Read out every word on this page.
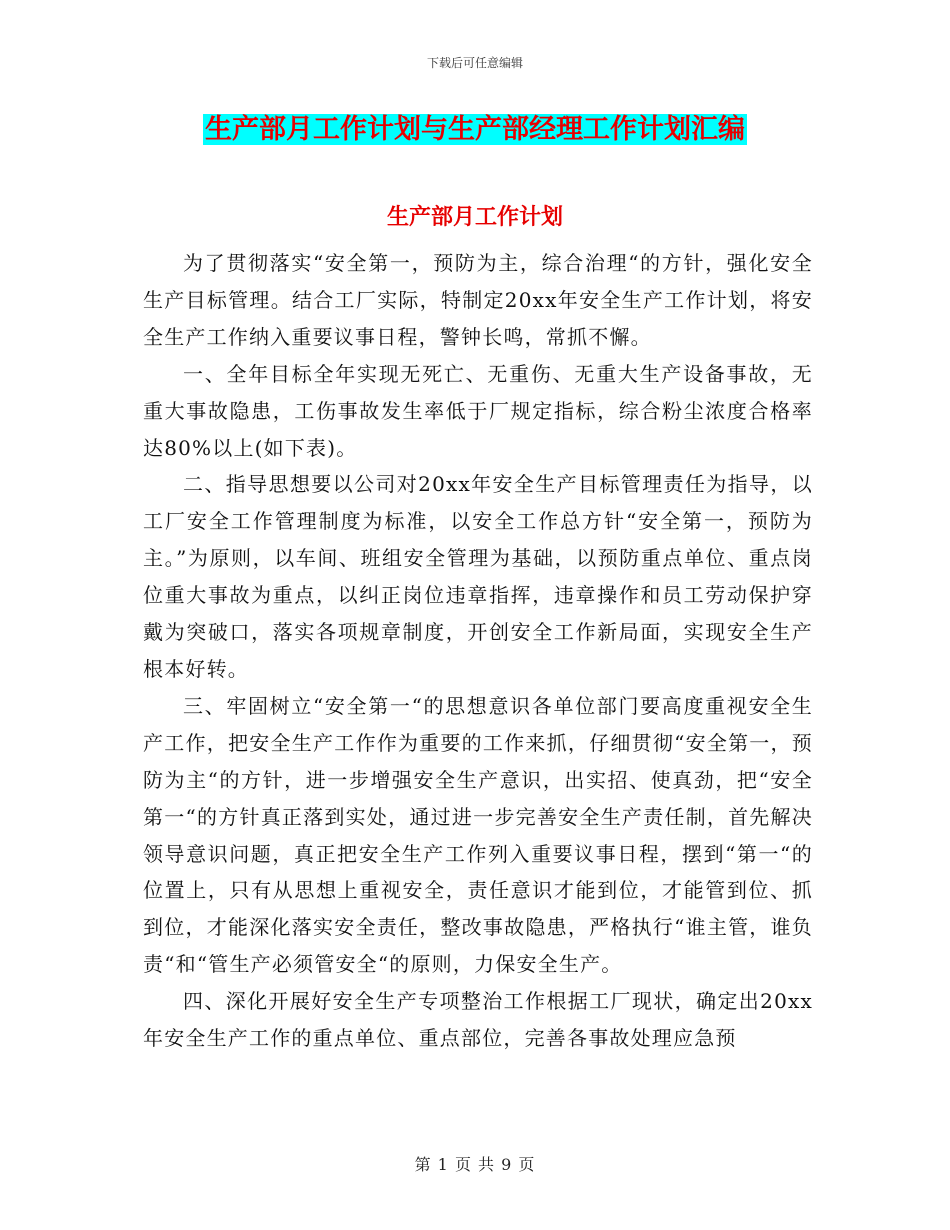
下载后可任意编辑
生产部月工作计划与生产部经理工作计划汇编
生产部月工作计划

为了贯彻落实“安全第一，预防为主，综合治理“的方针，强化安全生产目标管理。结合工厂实际，特制定20xx年安全生产工作计划，将安全生产工作纳入重要议事日程，警钟长鸣，常抓不懈。

一、全年目标全年实现无死亡、无重伤、无重大生产设备事故，无重大事故隐患，工伤事故发生率低于厂规定指标，综合粉尘浓度合格率达80%以上(如下表)。

二、指导思想要以公司对20xx年安全生产目标管理责任为指导，以工厂安全工作管理制度为标准，以安全工作总方针“安全第一，预防为主。”为原则，以车间、班组安全管理为基础，以预防重点单位、重点岗位重大事故为重点，以纠正岗位违章指挥，违章操作和员工劳动保护穿戴为突破口，落实各项规章制度，开创安全工作新局面，实现安全生产根本好转。

三、牢固树立“安全第一“的思想意识各单位部门要高度重视安全生产工作，把安全生产工作作为重要的工作来抓，仔细贯彻“安全第一，预防为主“的方针，进一步增强安全生产意识，出实招、使真劲，把“安全第一“的方针真正落到实处，通过进一步完善安全生产责任制，首先解决领导意识问题，真正把安全生产工作列入重要议事日程，摆到“第一“的位置上，只有从思想上重视安全，责任意识才能到位，才能管到位、抓到位，才能深化落实安全责任，整改事故隐患，严格执行“谁主管，谁负责“和“管生产必须管安全“的原则，力保安全生产。

四、深化开展好安全生产专项整治工作根据工厂现状，确定出20xx年安全生产工作的重点单位、重点部位，完善各事故处理应急预

第 1 页 共 9 页
